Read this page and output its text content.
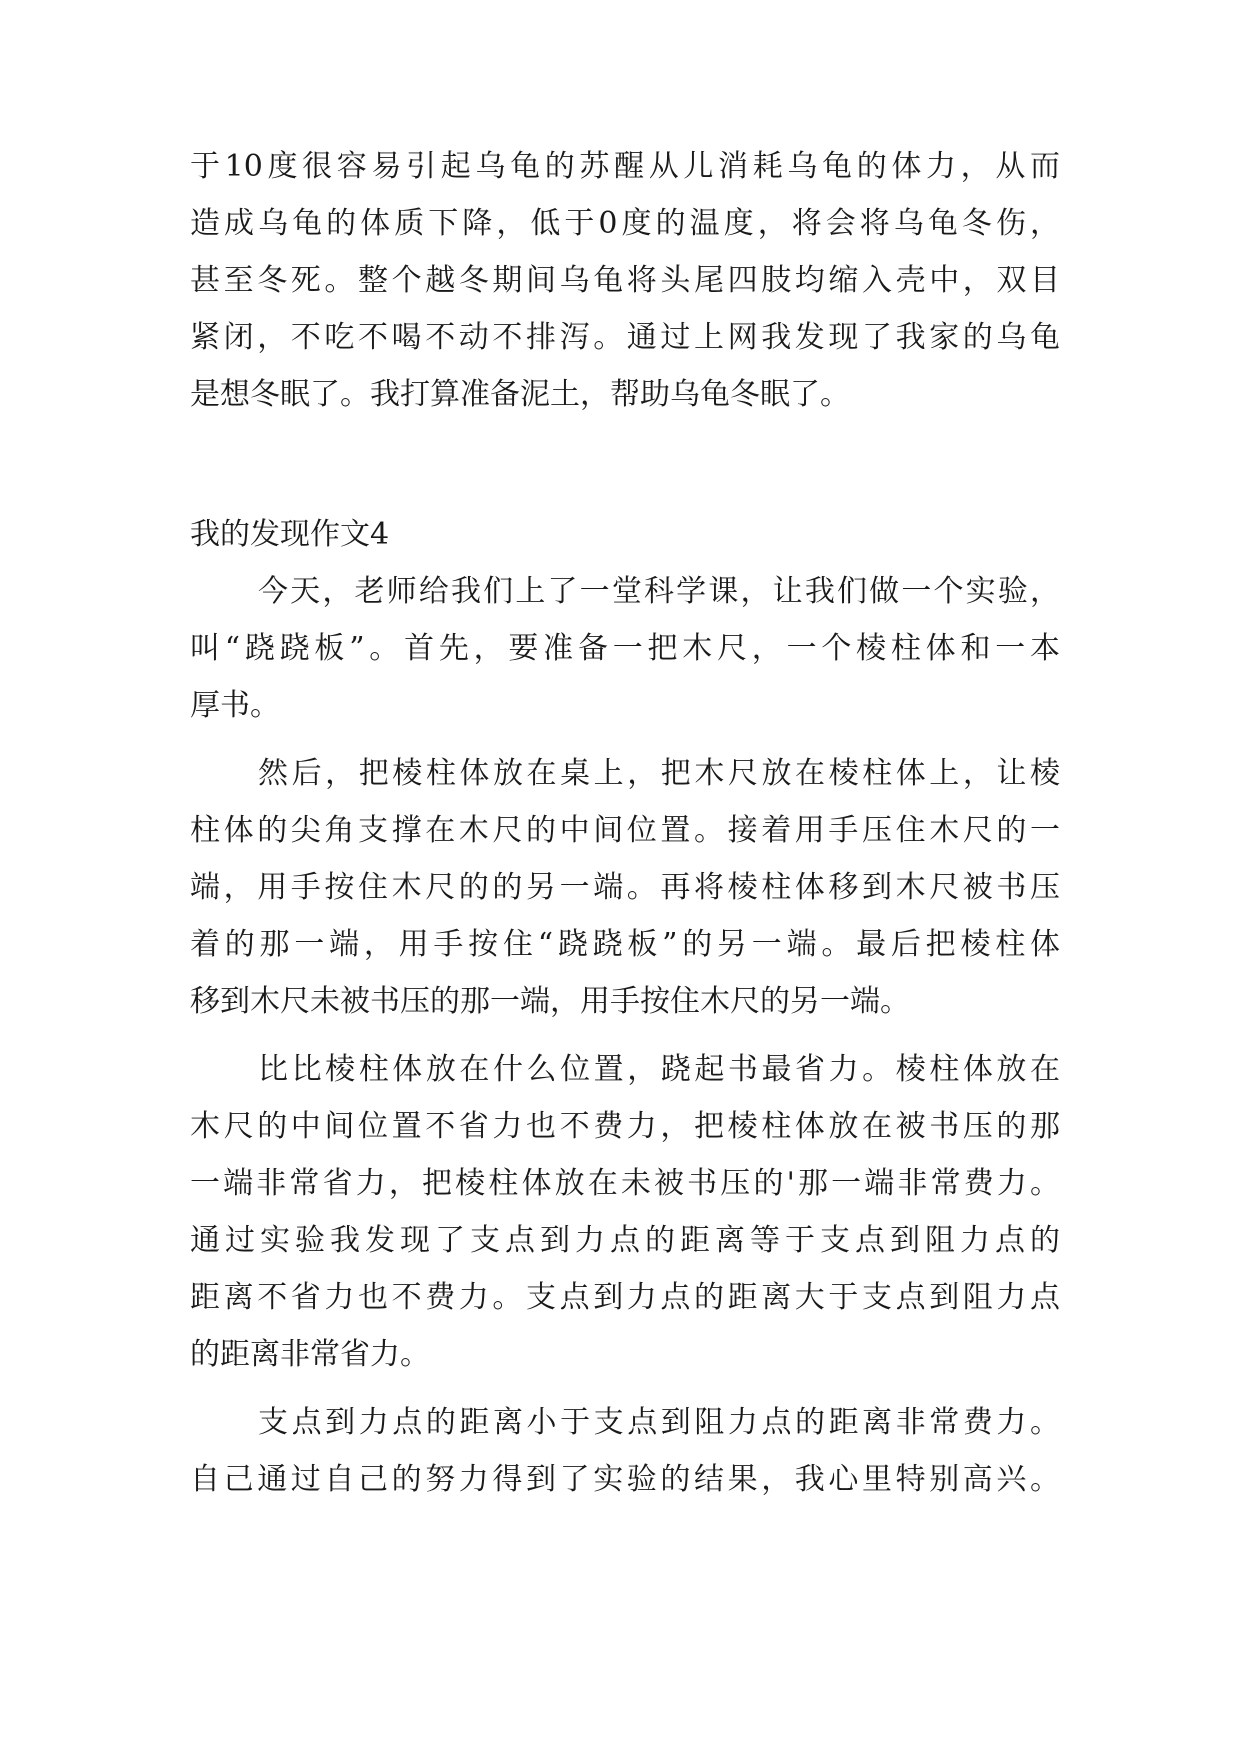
于10度很容易引起乌龟的苏醒从儿消耗乌龟的体力，从而

造成乌龟的体质下降，低于0度的温度，将会将乌龟冬伤，

甚至冬死。整个越冬期间乌龟将头尾四肢均缩入壳中，双目

紧闭，不吃不喝不动不排泻。通过上网我发现了我家的乌龟

是想冬眠了。我打算准备泥土，帮助乌龟冬眠了。

我的发现作文4

今天，老师给我们上了一堂科学课，让我们做一个实验，

叫“跷跷板”。首先，要准备一把木尺，一个棱柱体和一本

厚书。

然后，把棱柱体放在桌上，把木尺放在棱柱体上，让棱

柱体的尖角支撑在木尺的中间位置。接着用手压住木尺的一

端，用手按住木尺的的另一端。再将棱柱体移到木尺被书压

着的那一端，用手按住“跷跷板”的另一端。最后把棱柱体

移到木尺未被书压的那一端，用手按住木尺的另一端。

比比棱柱体放在什么位置，跷起书最省力。棱柱体放在

木尺的中间位置不省力也不费力，把棱柱体放在被书压的那

一端非常省力，把棱柱体放在未被书压的'那一端非常费力。

通过实验我发现了支点到力点的距离等于支点到阻力点的

距离不省力也不费力。支点到力点的距离大于支点到阻力点

的距离非常省力。

支点到力点的距离小于支点到阻力点的距离非常费力。

自己通过自己的努力得到了实验的结果，我心里特别高兴。
